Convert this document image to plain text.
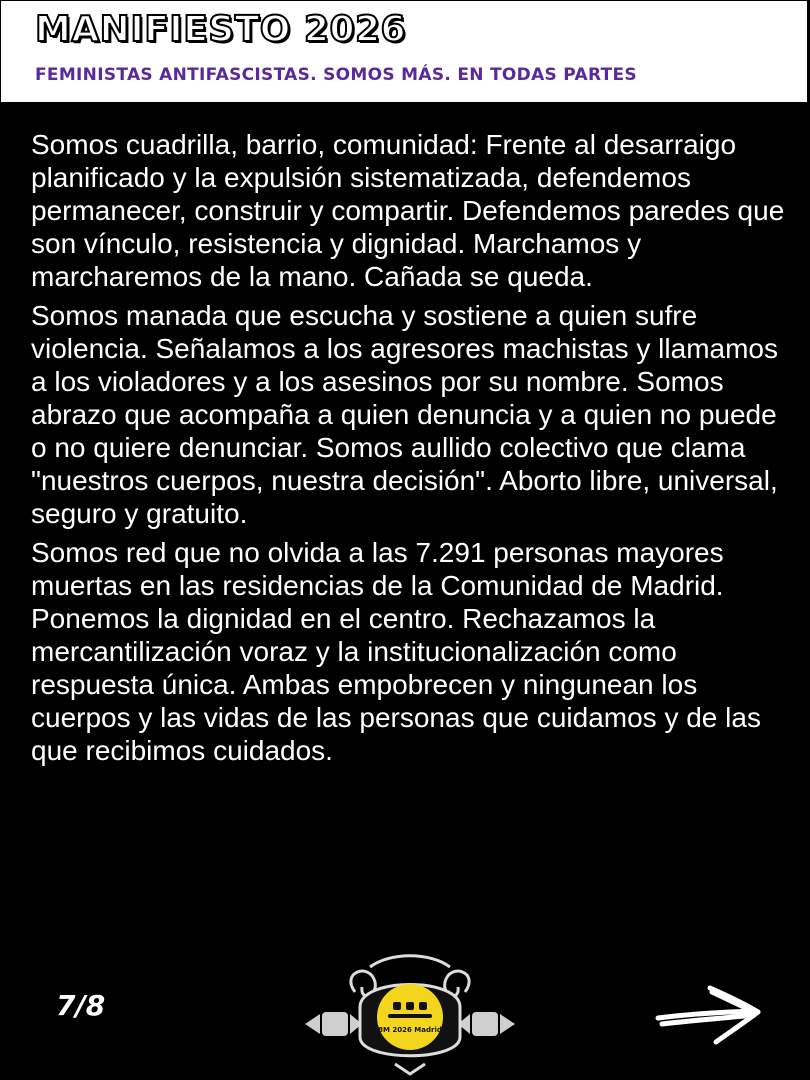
MANIFIESTO 2026
FEMINISTAS ANTIFASCISTAS. SOMOS MÁS. EN TODAS PARTES

Somos cuadrilla, barrio, comunidad: Frente al desarraigo planificado y la expulsión sistematizada, defendemos permanecer, construir y compartir. Defendemos paredes que son vínculo, resistencia y dignidad. Marchamos y marcharemos de la mano. Cañada se queda.

Somos manada que escucha y sostiene a quien sufre violencia. Señalamos a los agresores machistas y llamamos a los violadores y a los asesinos por su nombre. Somos abrazo que acompaña a quien denuncia y a quien no puede o no quiere denunciar. Somos aullido colectivo que clama "nuestros cuerpos, nuestra decisión". Aborto libre, universal, seguro y gratuito.

Somos red que no olvida a las 7.291 personas mayores muertas en las residencias de la Comunidad de Madrid. Ponemos la dignidad en el centro. Rechazamos la mercantilización voraz y la institucionalización como respuesta única. Ambas empobrecen y ningunean los cuerpos y las vidas de las personas que cuidamos y de las que recibimos cuidados.

7/8
8M 2026 Madrid
